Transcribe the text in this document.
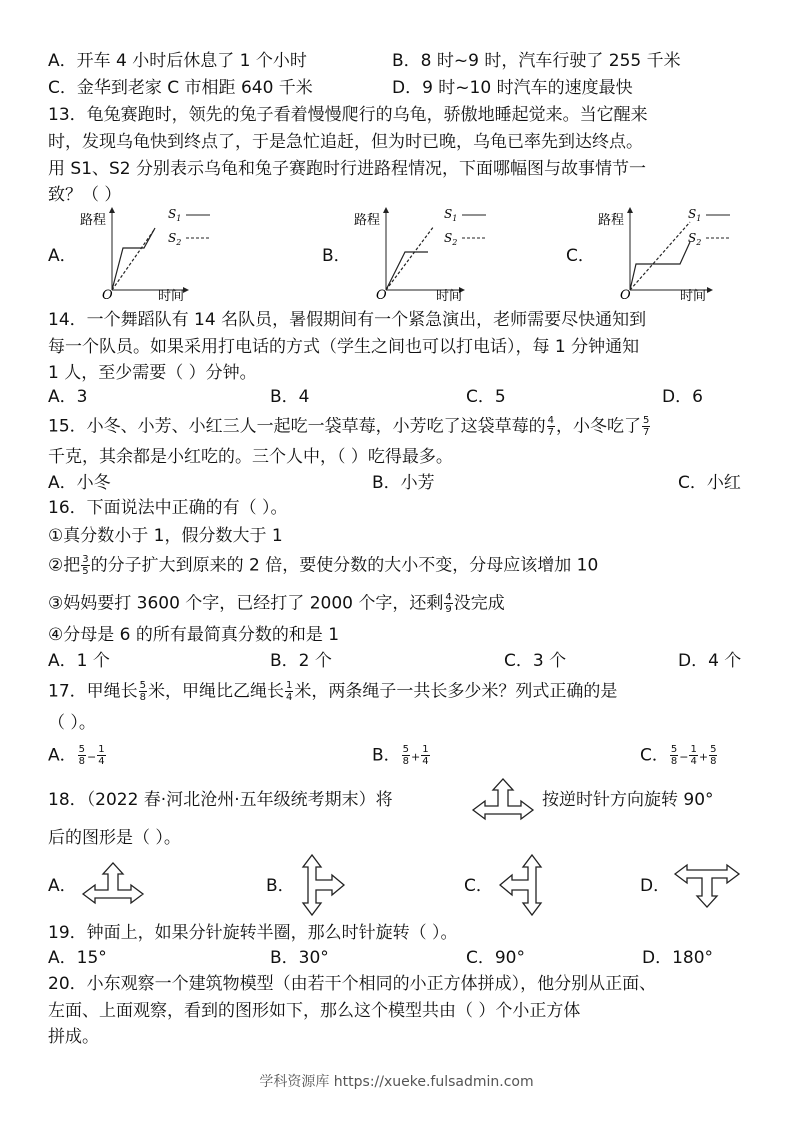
A．开车 4 小时后休息了 1 个小时	B．8 时~9 时，汽车行驶了 255 千米
C．金华到老家 C 市相距 640 千米	D．9 时~10 时汽车的速度最快
13．龟兔赛跑时，领先的兔子看着慢慢爬行的乌龟，骄傲地睡起觉来。当它醒来
时，发现乌龟快到终点了，于是急忙追赶，但为时已晚，乌龟已率先到达终点。
用 S1、S2 分别表示乌龟和兔子赛跑时行进路程情况，下面哪幅图与故事情节一
致？（ ）
A．	B．	C．
路程
时间
O
$S_1$
$S_2$
路程
时间
O
$S_1$
$S_2$
路程
时间
O
$S_1$
$S_2$
14．一个舞蹈队有 14 名队员，暑假期间有一个紧急演出，老师需要尽快通知到
每一个队员。如果采用打电话的方式（学生之间也可以打电话），每 1 分钟通知
1 人，至少需要（ ）分钟。
A．3	B．4	C．5	D．6
15．小冬、小芳、小红三人一起吃一袋草莓，小芳吃了这袋草莓的 $\frac{4}{7}$ ，小冬吃了 $\frac{5}{7}$
千克，其余都是小红吃的。三个人中，（ ）吃得最多。
A．小冬	B．小芳	C．小红
16．下面说法中正确的有（ ）。
①真分数小于 1，假分数大于 1
②把 $\frac{3}{5}$ 的分子扩大到原来的 2 倍，要使分数的大小不变，分母应该增加 10
③妈妈要打 3600 个字，已经打了 2000 个字，还剩 $\frac{4}{9}$ 没完成
④分母是 6 的所有最简真分数的和是 1
A．1 个	B．2 个	C．3 个	D．4 个
17．甲绳长 $\frac{5}{8}$ 米，甲绳比乙绳长 $\frac{1}{4}$ 米，两条绳子一共长多少米？列式正确的是
（ ）。
A． $\frac{5}{8} - \frac{1}{4}$	B． $\frac{5}{8} + \frac{1}{4}$	C． $\frac{5}{8} - \frac{1}{4} + \frac{5}{8}$
18．（2022 春·河北沧州·五年级统考期末）将	按逆时针方向旋转 90°
后的图形是（ ）。
A．	B．	C．	D．
19．钟面上，如果分针旋转半圈，那么时针旋转（ ）。
A．15°	B．30°	C．90°	D．180°
20．小东观察一个建筑物模型（由若干个相同的小正方体拼成），他分别从正面、
左面、上面观察，看到的图形如下，那么这个模型共由（ ）个小正方体
拼成。
学科资源库 https://xueke.fulsadmin.com
